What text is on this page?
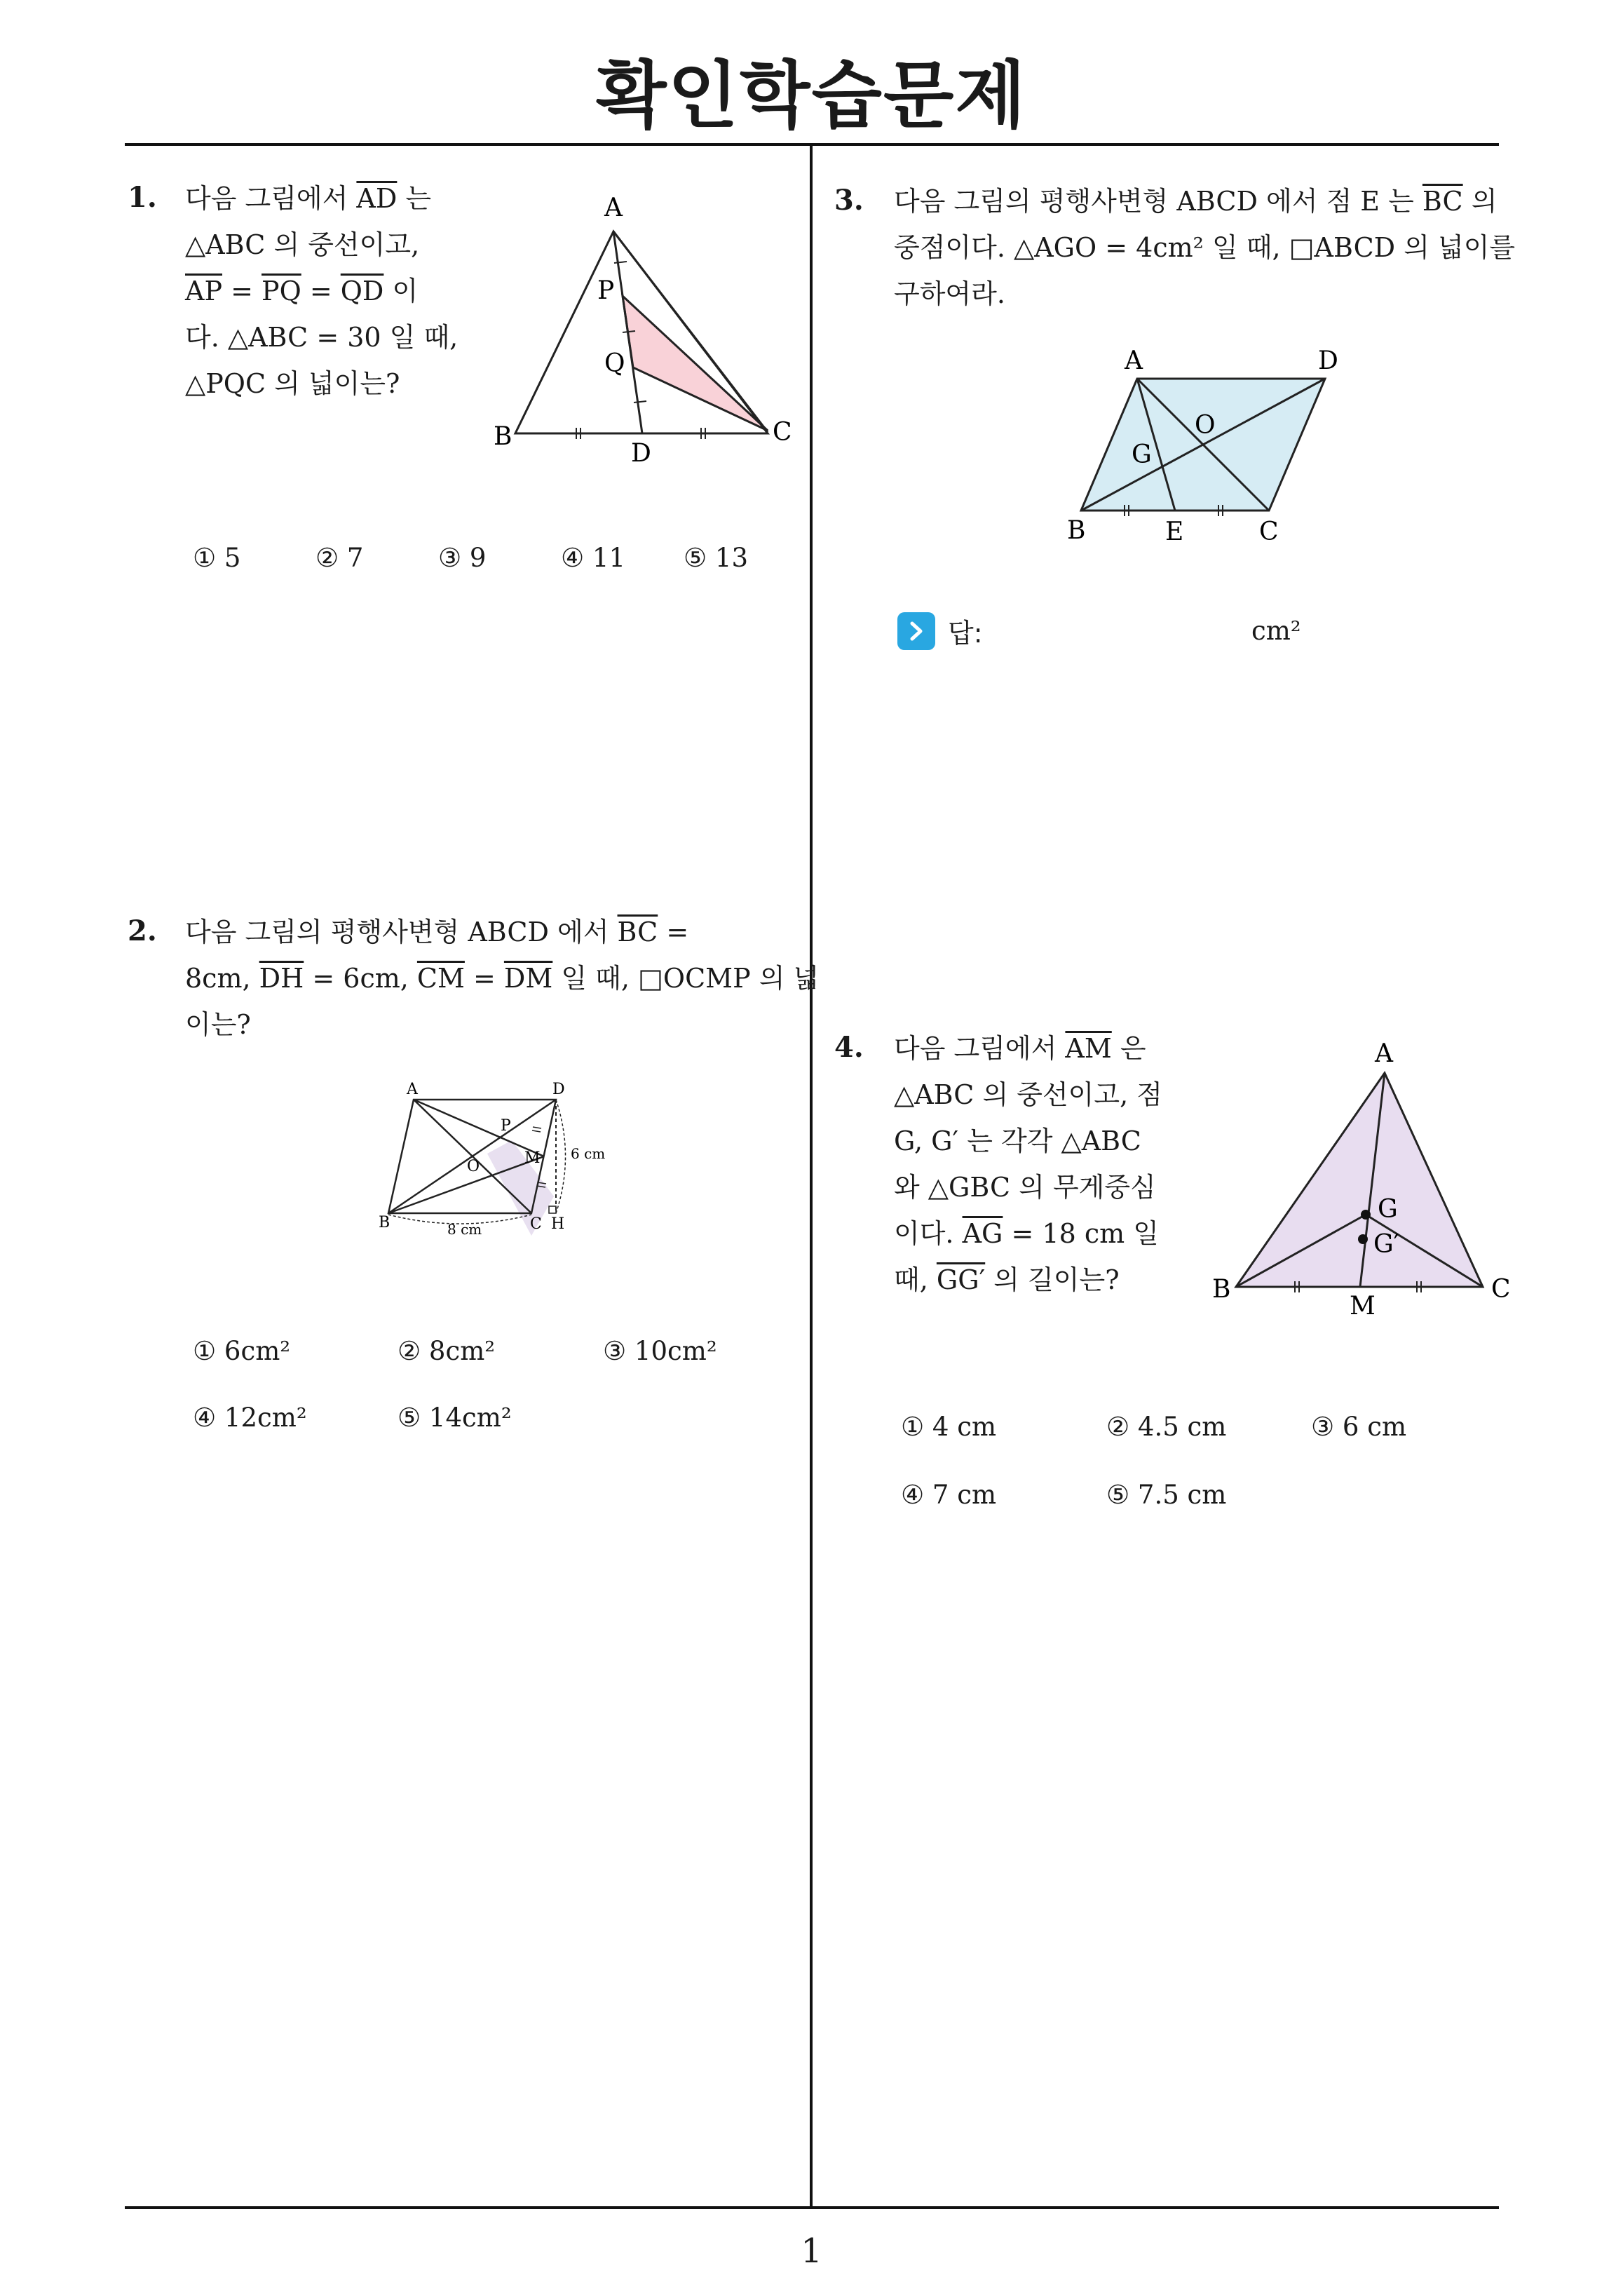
확인학습문제
1. 다음 그림에서 $\overline{AD}$ 는
△ABC 의 중선이고,
$\overline{AP} = \overline{PQ} = \overline{QD}$ 이
다. △ABC = 30 일 때,
△PQC 의 넓이는?
A
P
Q
B
D
C
① 5	② 7	③ 9	④ 11 ⑤ 13
2. 다음 그림의 평행사변형 ABCD 에서 $\overline{BC}$ =
8cm, $\overline{DH} = 6cm$, $\overline{CM} = \overline{DM}$ 일 때, □OCMP 의 넓
이는?
A	D
P
O	M 6 cm
B	8 cm	C H
① 6cm²	② 8cm²	③ 10cm²
④ 12cm²	⑤ 14cm²
3. 다음 그림의 평행사변형 ABCD 에서 점 E 는 $\overline{BC}$ 의
중점이다. △AGO = 4cm² 일 때, □ABCD 의 넓이를
구하여라.
A	D
O
G
B	E	C
답:	cm²
4. 다음 그림에서 $\overline{AM}$ 은
△ABC 의 중선이고, 점
G, G′ 는 각각 △ABC
와 △GBC 의 무게중심
이다. $\overline{AG} = 18$ cm 일
때, GG′ 의 길이는?
A
G
G′
B
M
C
① 4 cm	② 4.5 cm	③ 6 cm
④ 7 cm	⑤ 7.5 cm
1
